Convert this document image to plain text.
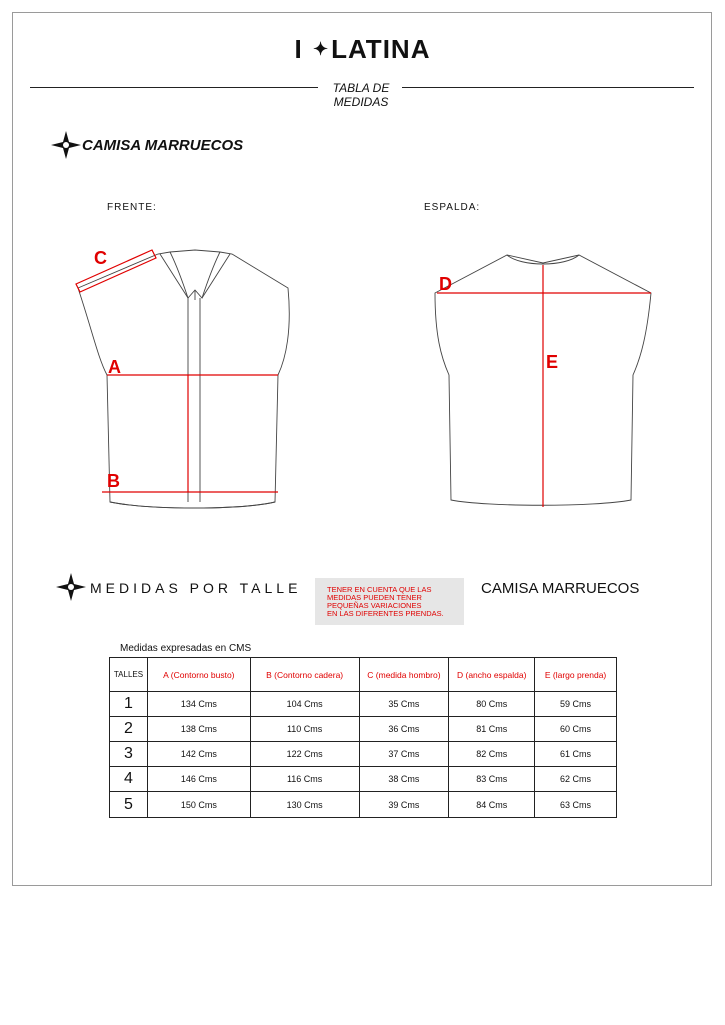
I ✦LATINA
TABLA DE
MEDIDAS
CAMISA MARRUECOS
FRENTE:	ESPALDA:
C
A
B
D
E
MEDIDAS POR TALLE	TENER EN CUENTA QUE LAS
MEDIDAS PUEDEN TENER
PEQUEÑAS VARIACIONES
EN LAS DIFERENTES PRENDAS.
CAMISA MARRUECOS
Medidas expresadas en CMS
TALLES	A (Contorno busto)	B (Contorno cadera)	C (medida hombro)	D (ancho espalda)	E (largo prenda)
1	134 Cms	104 Cms	35 Cms	80 Cms	59 Cms
2	138 Cms	110 Cms	36 Cms	81 Cms	60 Cms
3	142 Cms	122 Cms	37 Cms	82 Cms	61 Cms
4	146 Cms	116 Cms	38 Cms	83 Cms	62 Cms
5	150 Cms	130 Cms	39 Cms	84 Cms	63 Cms
